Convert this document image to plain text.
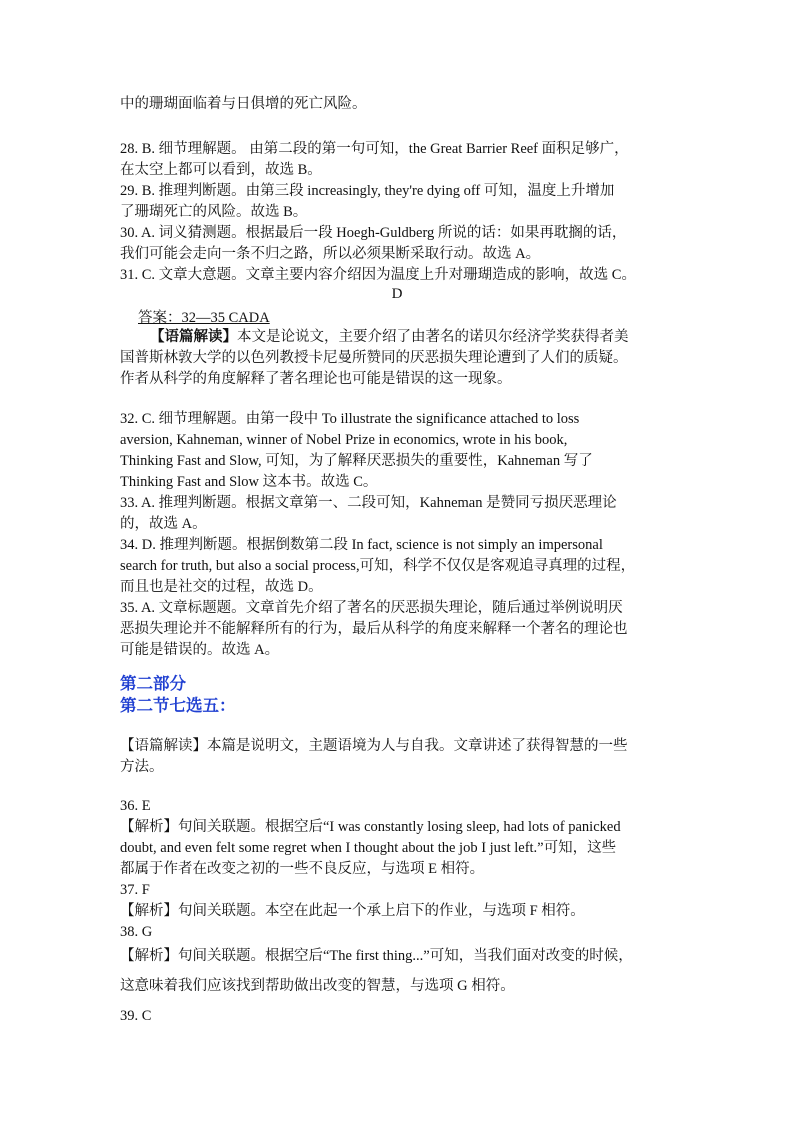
中的珊瑚面临着与日俱增的死亡风险。
28. B. 细节理解题。 由第二段的第一句可知，the Great Barrier Reef 面积足够广，
在太空上都可以看到，故选 B。
29. B. 推理判断题。由第三段 increasingly, they're dying off 可知，温度上升增加
了珊瑚死亡的风险。故选 B。
30. A. 词义猜测题。根据最后一段 Hoegh-Guldberg 所说的话：如果再耽搁的话，
我们可能会走向一条不归之路，所以必须果断采取行动。故选 A。
31. C. 文章大意题。文章主要内容介绍因为温度上升对珊瑚造成的影响，故选 C。
D
答案：32—35 CADA
【语篇解读】本文是论说文，主要介绍了由著名的诺贝尔经济学奖获得者美
国普斯林敦大学的以色列教授卡尼曼所赞同的厌恶损失理论遭到了人们的质疑。
作者从科学的角度解释了著名理论也可能是错误的这一现象。
32. C. 细节理解题。由第一段中 To illustrate the significance attached to loss
aversion, Kahneman, winner of Nobel Prize in economics, wrote in his book,
Thinking Fast and Slow, 可知，为了解释厌恶损失的重要性，Kahneman 写了
Thinking Fast and Slow 这本书。故选 C。
33. A. 推理判断题。根据文章第一、二段可知，Kahneman 是赞同亏损厌恶理论
的，故选 A。
34. D. 推理判断题。根据倒数第二段 In fact, science is not simply an impersonal
search for truth, but also a social process,可知，科学不仅仅是客观追寻真理的过程，
而且也是社交的过程，故选 D。
35. A. 文章标题题。文章首先介绍了著名的厌恶损失理论，随后通过举例说明厌
恶损失理论并不能解释所有的行为，最后从科学的角度来解释一个著名的理论也
可能是错误的。故选 A。
第二部分
第二节七选五：
【语篇解读】本篇是说明文，主题语境为人与自我。文章讲述了获得智慧的一些
方法。
36. E
【解析】句间关联题。根据空后“I was constantly losing sleep, had lots of panicked
doubt, and even felt some regret when I thought about the job I just left.”可知，这些
都属于作者在改变之初的一些不良反应，与选项 E 相符。
37. F
【解析】句间关联题。本空在此起一个承上启下的作业，与选项 F 相符。
38. G
【解析】句间关联题。根据空后“The first thing...”可知，当我们面对改变的时候，
这意味着我们应该找到帮助做出改变的智慧，与选项 G 相符。
39. C
